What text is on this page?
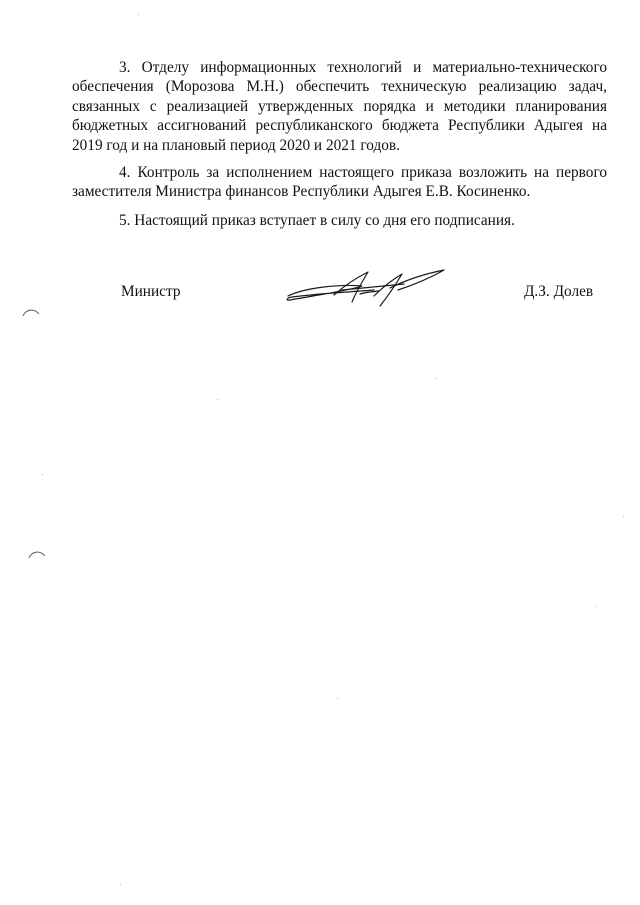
3. Отделу информационных технологий и материально-технического обеспечения (Морозова М.Н.) обеспечить техническую реализацию задач, связанных с реализацией утвержденных порядка и методики планирования бюджетных ассигнований республиканского бюджета Республики Адыгея на 2019 год и на плановый период 2020 и 2021 годов.

4. Контроль за исполнением настоящего приказа возложить на первого заместителя Министра финансов Республики Адыгея Е.В. Косиненко.

5. Настоящий приказ вступает в силу со дня его подписания.

Министр	Д.З. Долев
